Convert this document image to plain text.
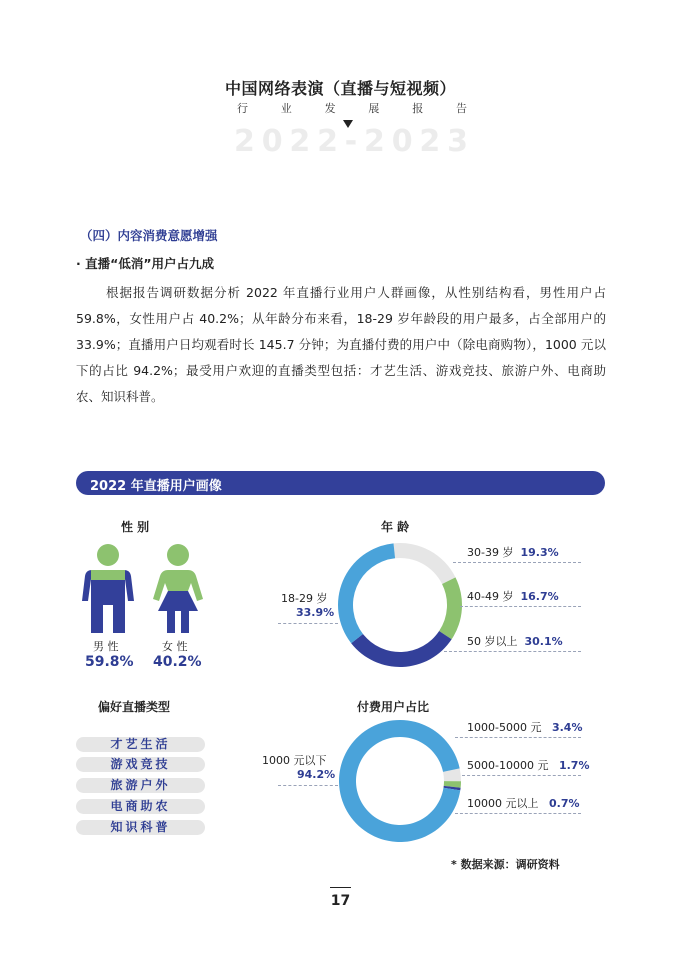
中国网络表演（直播与短视频）
行	业	发	展	报	告
2 0 2 2 - 2 0 2 3
（四）内容消费意愿增强
· 直播“低消”用户占九成
根据报告调研数据分析 2022 年直播行业用户人群画像，从性别结构看，男性用户占 59.8%，女性用户占 40.2%；从年龄分布来看，18-29 岁年龄段的用户最多，占全部用户的 33.9%；直播用户日均观看时长 145.7 分钟；为直播付费的用户中（除电商购物），1000 元以下的占比 94.2%；最受用户欢迎的直播类型包括：才艺生活、游戏竞技、旅游户外、电商助农、知识科普。
2022 年直播用户画像
性 别
男 性	女 性
59.8% 40.2%
年 龄
30-39 岁 19.3%
40-49 岁 16.7%
50 岁以上 30.1%
18-29 岁
33.9%
偏好直播类型
才艺生活
游戏竞技
旅游户外
电商助农
知识科普
付费用户占比
1000-5000 元 3.4%
5000-10000 元 1.7%
10000 元以上 0.7%
1000 元以下
94.2%
* 数据来源：调研资料
17
